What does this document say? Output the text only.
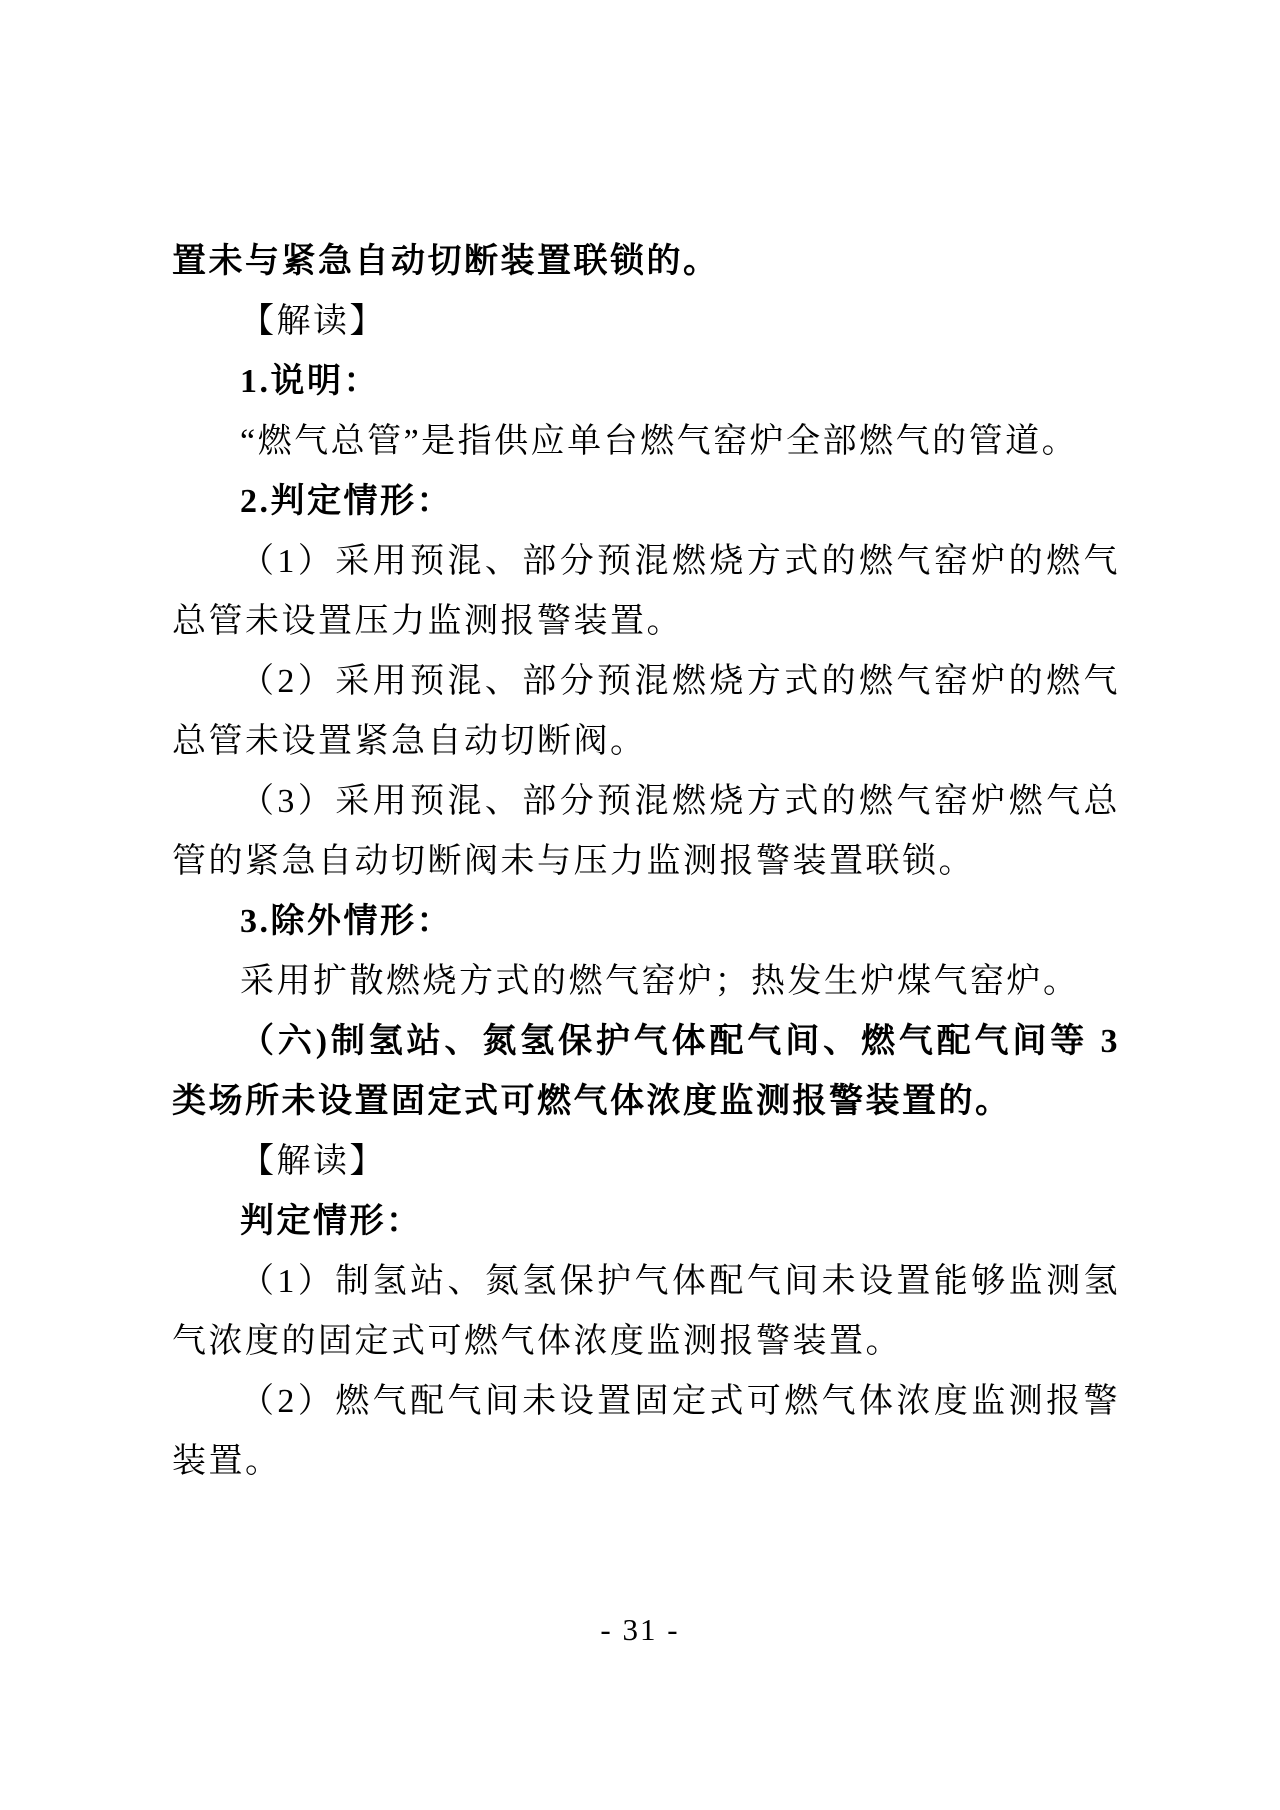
置未与紧急自动切断装置联锁的。

【解读】

1.说明：

“燃气总管”是指供应单台燃气窑炉全部燃气的管道。

2.判定情形：

（1）采用预混、部分预混燃烧方式的燃气窑炉的燃气总管未设置压力监测报警装置。

（2）采用预混、部分预混燃烧方式的燃气窑炉的燃气总管未设置紧急自动切断阀。

（3）采用预混、部分预混燃烧方式的燃气窑炉燃气总管的紧急自动切断阀未与压力监测报警装置联锁。

3.除外情形：

采用扩散燃烧方式的燃气窑炉；热发生炉煤气窑炉。

（六)制氢站、氮氢保护气体配气间、燃气配气间等 3 类场所未设置固定式可燃气体浓度监测报警装置的。

【解读】

判定情形：

（1）制氢站、氮氢保护气体配气间未设置能够监测氢气浓度的固定式可燃气体浓度监测报警装置。

（2）燃气配气间未设置固定式可燃气体浓度监测报警装置。

- 31 -
